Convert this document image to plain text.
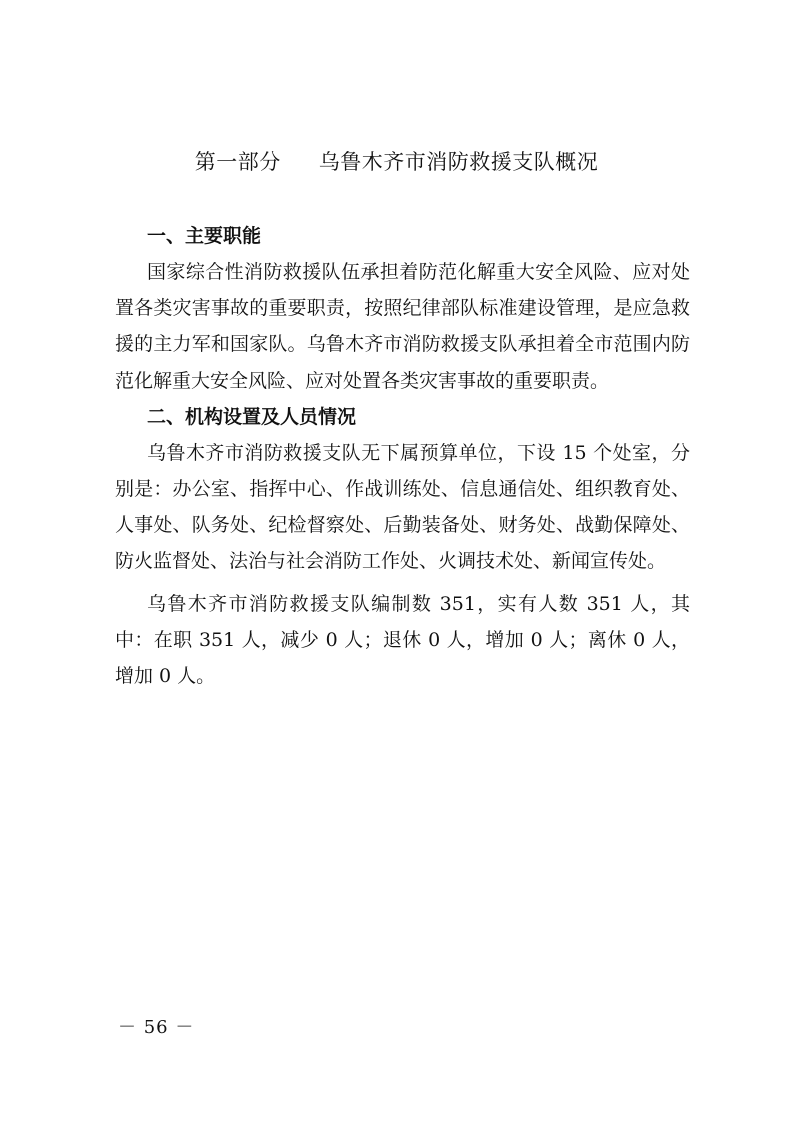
第一部分 乌鲁木齐市消防救援支队概况
一、主要职能

国家综合性消防救援队伍承担着防范化解重大安全风险、应对处置各类灾害事故的重要职责，按照纪律部队标准建设管理，是应急救援的主力军和国家队。乌鲁木齐市消防救援支队承担着全市范围内防范化解重大安全风险、应对处置各类灾害事故的重要职责。

二、机构设置及人员情况

乌鲁木齐市消防救援支队无下属预算单位，下设 15 个处室，分别是：办公室、指挥中心、作战训练处、信息通信处、组织教育处、人事处、队务处、纪检督察处、后勤装备处、财务处、战勤保障处、防火监督处、法治与社会消防工作处、火调技术处、新闻宣传处。

乌鲁木齐市消防救援支队编制数 351，实有人数 351 人，其中：在职 351 人，减少 0 人；退休 0 人，增加 0 人；离休 0 人，增加 0 人。

－ 56 －
